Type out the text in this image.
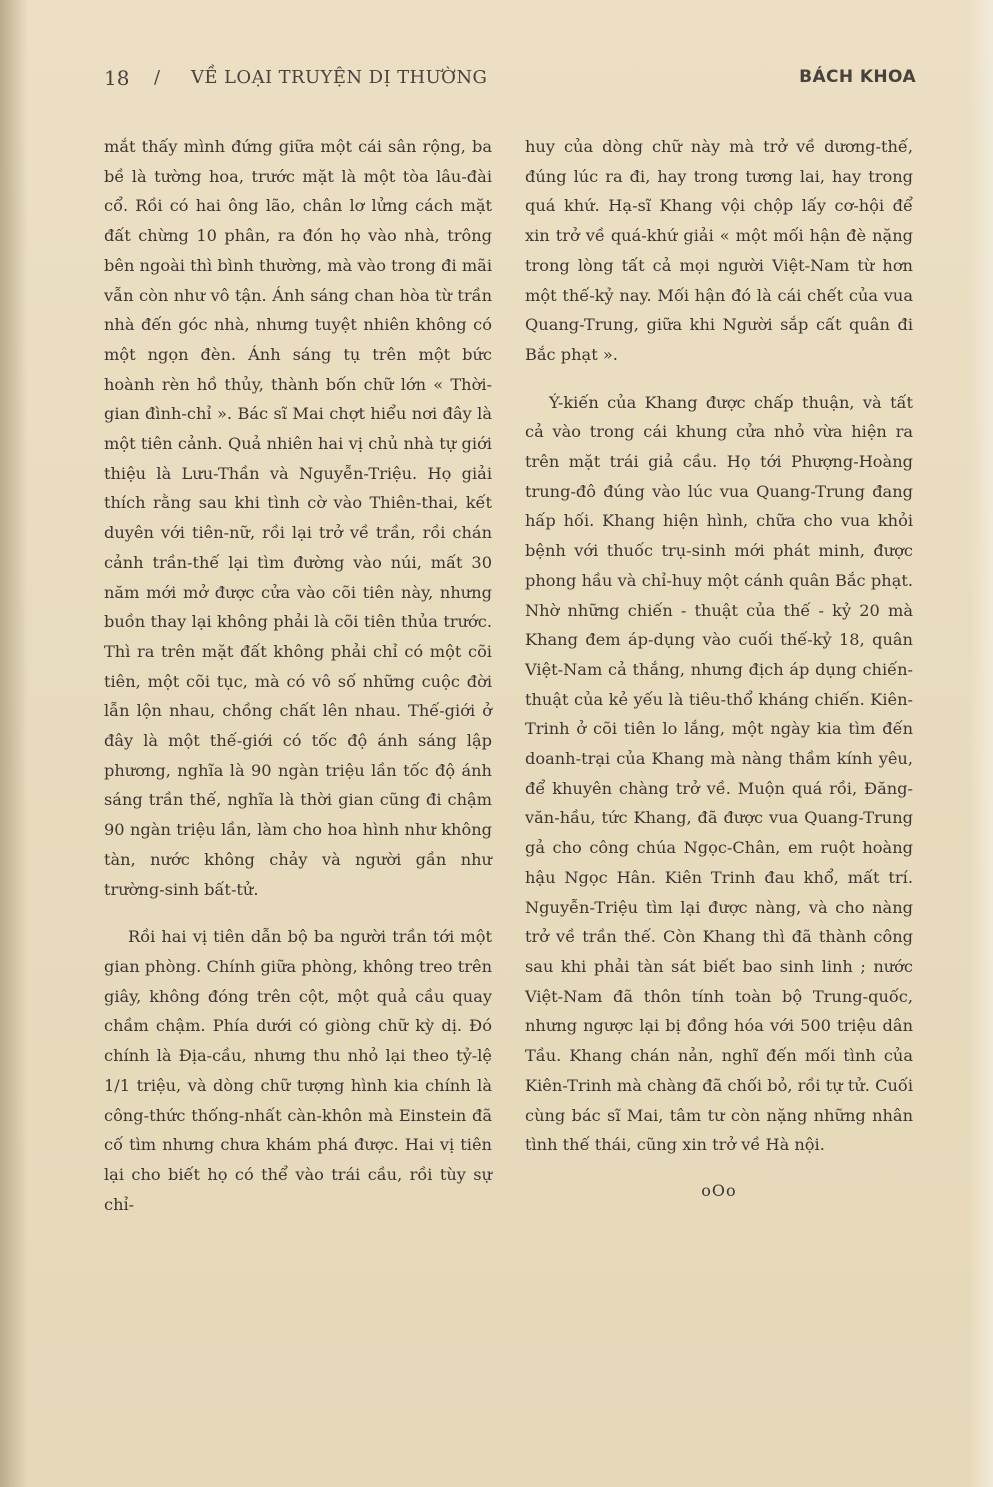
18 / VỀ LOẠI TRUYỆN DỊ THƯỜNG	BÁCH KHOA

mắt thấy mình đứng giữa một cái sân rộng, ba bề là tường hoa, trước mặt là một tòa lâu-đài cổ. Rồi có hai ông lão, chân lơ lửng cách mặt đất chừng 10 phân, ra đón họ vào nhà, trông bên ngoài thì bình thường, mà vào trong đi mãi vẫn còn như vô tận. Ánh sáng chan hòa từ trần nhà đến góc nhà, nhưng tuyệt nhiên không có một ngọn đèn. Ánh sáng tụ trên một bức hoành rèn hồ thủy, thành bốn chữ lớn « Thời-gian đình-chỉ ». Bác sĩ Mai chợt hiểu nơi đây là một tiên cảnh. Quả nhiên hai vị chủ nhà tự giới thiệu là Lưu-Thần và Nguyễn-Triệu. Họ giải thích rằng sau khi tình cờ vào Thiên-thai, kết duyên với tiên-nữ, rồi lại trở về trần, rồi chán cảnh trần-thế lại tìm đường vào núi, mất 30 năm mới mở được cửa vào cõi tiên này, nhưng buồn thay lại không phải là cõi tiên thủa trước. Thì ra trên mặt đất không phải chỉ có một cõi tiên, một cõi tục, mà có vô số những cuộc đời lẫn lộn nhau, chồng chất lên nhau. Thế-giới ở đây là một thế-giới có tốc độ ánh sáng lập phương, nghĩa là 90 ngàn triệu lần tốc độ ánh sáng trần thế, nghĩa là thời gian cũng đi chậm 90 ngàn triệu lần, làm cho hoa hình như không tàn, nước không chảy và người gần như trường-sinh bất-tử.

Rồi hai vị tiên dẫn bộ ba người trần tới một gian phòng. Chính giữa phòng, không treo trên giây, không đóng trên cột, một quả cầu quay chầm chậm. Phía dưới có giòng chữ kỳ dị. Đó chính là Địa-cầu, nhưng thu nhỏ lại theo tỷ-lệ 1/1 triệu, và dòng chữ tượng hình kia chính là công-thức thống-nhất càn-khôn mà Einstein đã cố tìm nhưng chưa khám phá được. Hai vị tiên lại cho biết họ có thể vào trái cầu, rồi tùy sự chỉ-

huy của dòng chữ này mà trở về dương-thế, đúng lúc ra đi, hay trong tương lai, hay trong quá khứ. Hạ-sĩ Khang vội chộp lấy cơ-hội để xin trở về quá-khứ giải « một mối hận đè nặng trong lòng tất cả mọi người Việt-Nam từ hơn một thế-kỷ nay. Mối hận đó là cái chết của vua Quang-Trung, giữa khi Người sắp cất quân đi Bắc phạt ».

Ý-kiến của Khang được chấp thuận, và tất cả vào trong cái khung cửa nhỏ vừa hiện ra trên mặt trái giả cầu. Họ tới Phượng-Hoàng trung-đô đúng vào lúc vua Quang-Trung đang hấp hối. Khang hiện hình, chữa cho vua khỏi bệnh với thuốc trụ-sinh mới phát minh, được phong hầu và chỉ-huy một cánh quân Bắc phạt. Nhờ những chiến - thuật của thế - kỷ 20 mà Khang đem áp-dụng vào cuối thế-kỷ 18, quân Việt-Nam cả thắng, nhưng địch áp dụng chiến-thuật của kẻ yếu là tiêu-thổ kháng chiến. Kiên-Trinh ở cõi tiên lo lắng, một ngày kia tìm đến doanh-trại của Khang mà nàng thầm kính yêu, để khuyên chàng trở về. Muộn quá rồi, Đăng-văn-hầu, tức Khang, đã được vua Quang-Trung gả cho công chúa Ngọc-Chân, em ruột hoàng hậu Ngọc Hân. Kiên Trinh đau khổ, mất trí. Nguyễn-Triệu tìm lại được nàng, và cho nàng trở về trần thế. Còn Khang thì đã thành công sau khi phải tàn sát biết bao sinh linh ; nước Việt-Nam đã thôn tính toàn bộ Trung-quốc, nhưng ngược lại bị đồng hóa với 500 triệu dân Tầu. Khang chán nản, nghĩ đến mối tình của Kiên-Trinh mà chàng đã chối bỏ, rồi tự tử. Cuối cùng bác sĩ Mai, tâm tư còn nặng những nhân tình thế thái, cũng xin trở về Hà nội.

oOo
